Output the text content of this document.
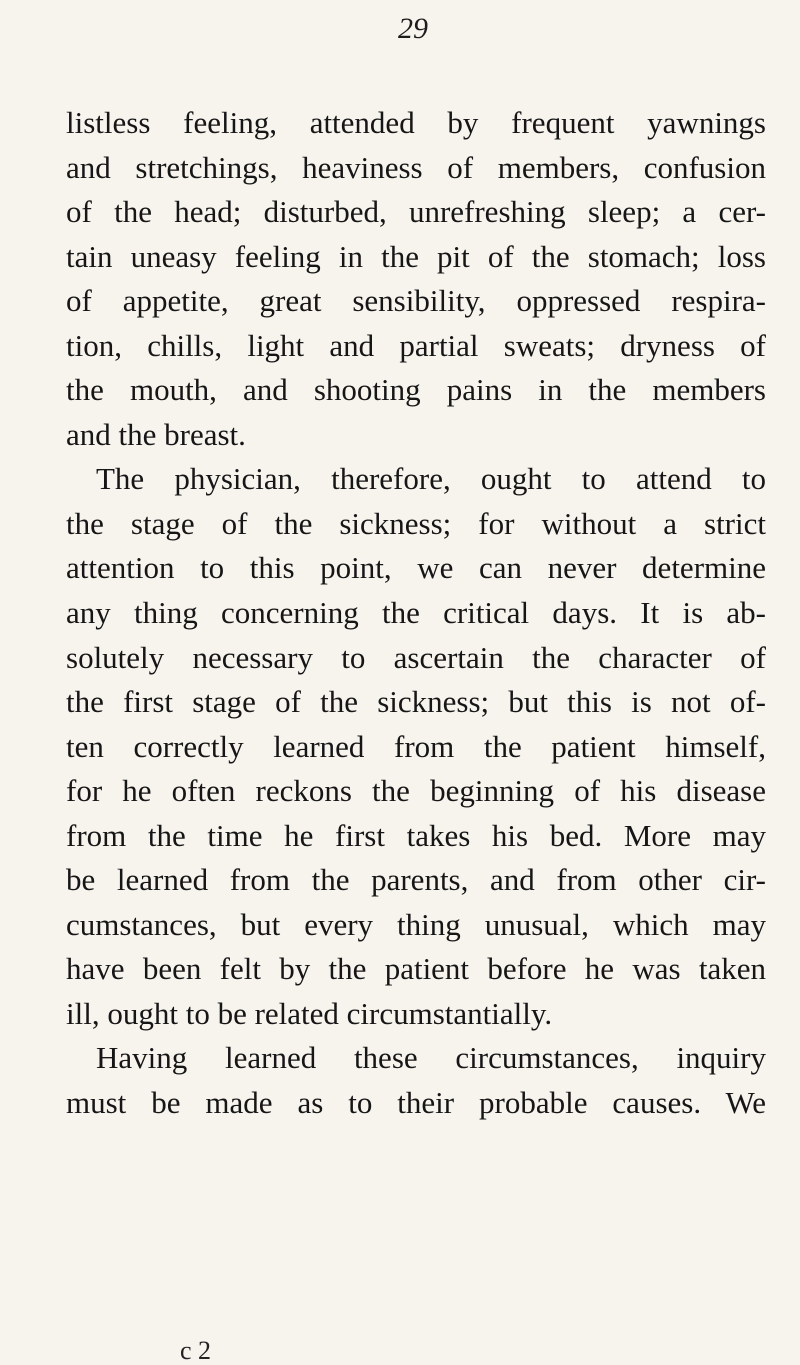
29
listless feeling, attended by frequent yawnings
and stretchings, heaviness of members, confusion
of the head; disturbed, unrefreshing sleep; a cer-
tain uneasy feeling in the pit of the stomach; loss
of appetite, great sensibility, oppressed respira-
tion, chills, light and partial sweats; dryness of
the mouth, and shooting pains in the members
and the breast.
The physician, therefore, ought to attend to
the stage of the sickness; for without a strict
attention to this point, we can never determine
any thing concerning the critical days. It is ab-
solutely necessary to ascertain the character of
the first stage of the sickness; but this is not of-
ten correctly learned from the patient himself,
for he often reckons the beginning of his disease
from the time he first takes his bed. More may
be learned from the parents, and from other cir-
cumstances, but every thing unusual, which may
have been felt by the patient before he was taken
ill, ought to be related circumstantially.
Having learned these circumstances, inquiry
must be made as to their probable causes. We
c 2
